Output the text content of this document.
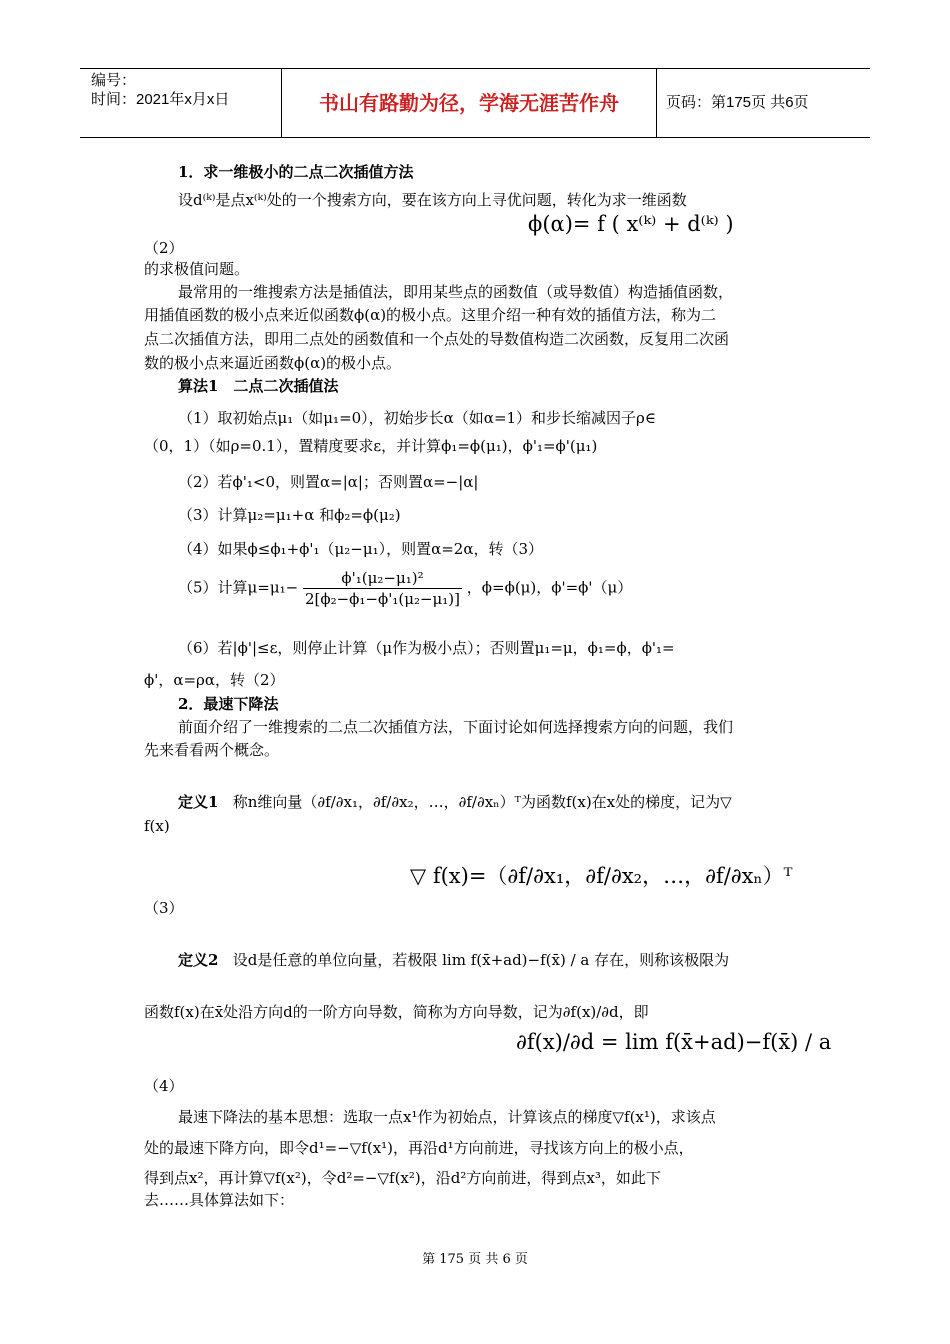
编号：
时间：2021年x月x日	书山有路勤为径，学海无涯苦作舟	页码：第175页 共6页
1．求一维极小的二点二次插值方法
设d⁽ᵏ⁾是点x⁽ᵏ⁾处的一个搜索方向，要在该方向上寻优问题，转化为求一维函数
ϕ(α)= f ( x⁽ᵏ⁾ + d⁽ᵏ⁾ )
（2）
的求极值问题。
最常用的一维搜索方法是插值法，即用某些点的函数值（或导数值）构造插值函数，
用插值函数的极小点来近似函数ϕ(α)的极小点。这里介绍一种有效的插值方法，称为二
点二次插值方法，即用二点处的函数值和一个点处的导数值构造二次函数，反复用二次函
数的极小点来逼近函数ϕ(α)的极小点。
算法1　二点二次插值法
（1）取初始点μ₁（如μ₁=0），初始步长α（如α=1）和步长缩减因子ρ∈
（0，1）（如ρ=0.1），置精度要求ε，并计算ϕ₁=ϕ(μ₁)，ϕ'₁=ϕ'(μ₁)
（2）若ϕ'₁<0，则置α=|α|；否则置α=−|α|
（3）计算μ₂=μ₁+α 和ϕ₂=ϕ(μ₂)
（4）如果ϕ≤ϕ₁+ϕ'₁（μ₂−μ₁），则置α=2α，转（3）
（5）计算$\mu=\mu_1- \frac{\text{ϕ'₁(μ₂−μ₁)²}}{\text{2[ϕ₂−ϕ₁−ϕ'₁(μ₂−μ₁)]}}$ ，ϕ=ϕ(μ)，ϕ'=ϕ'（μ）
（6）若|ϕ'|≤ε，则停止计算（μ作为极小点）；否则置μ₁=μ，ϕ₁=ϕ，ϕ'₁=
ϕ'，α=ρα，转（2）
2．最速下降法
前面介绍了一维搜索的二点二次插值方法，下面讨论如何选择搜索方向的问题，我们
先来看看两个概念。
定义1 称n维向量（∂f/∂x₁，∂f/∂x₂，…，∂f/∂xₙ）ᵀ为函数f(x)在x处的梯度，记为▽
f(x)
▽ f(x)=（∂f/∂x₁，∂f/∂x₂，…，∂f/∂xₙ）ᵀ
（3）
定义2 设d是任意的单位向量，若极限 lim f(x̄+ad)−f(x̄) / a 存在，则称该极限为
函数f(x)在x̄处沿方向d的一阶方向导数，简称为方向导数，记为∂f(x)/∂d，即
∂f(x)/∂d = lim f(x̄+ad)−f(x̄) / a
（4）
最速下降法的基本思想：选取一点x¹作为初始点，计算该点的梯度▽f(x¹)，求该点
处的最速下降方向，即令d¹=−▽f(x¹)，再沿d¹方向前进，寻找该方向上的极小点，
得到点x²，再计算▽f(x²)，令d²=−▽f(x²)，沿d²方向前进，得到点x³，如此下
去……具体算法如下：
第 175 页 共 6 页
